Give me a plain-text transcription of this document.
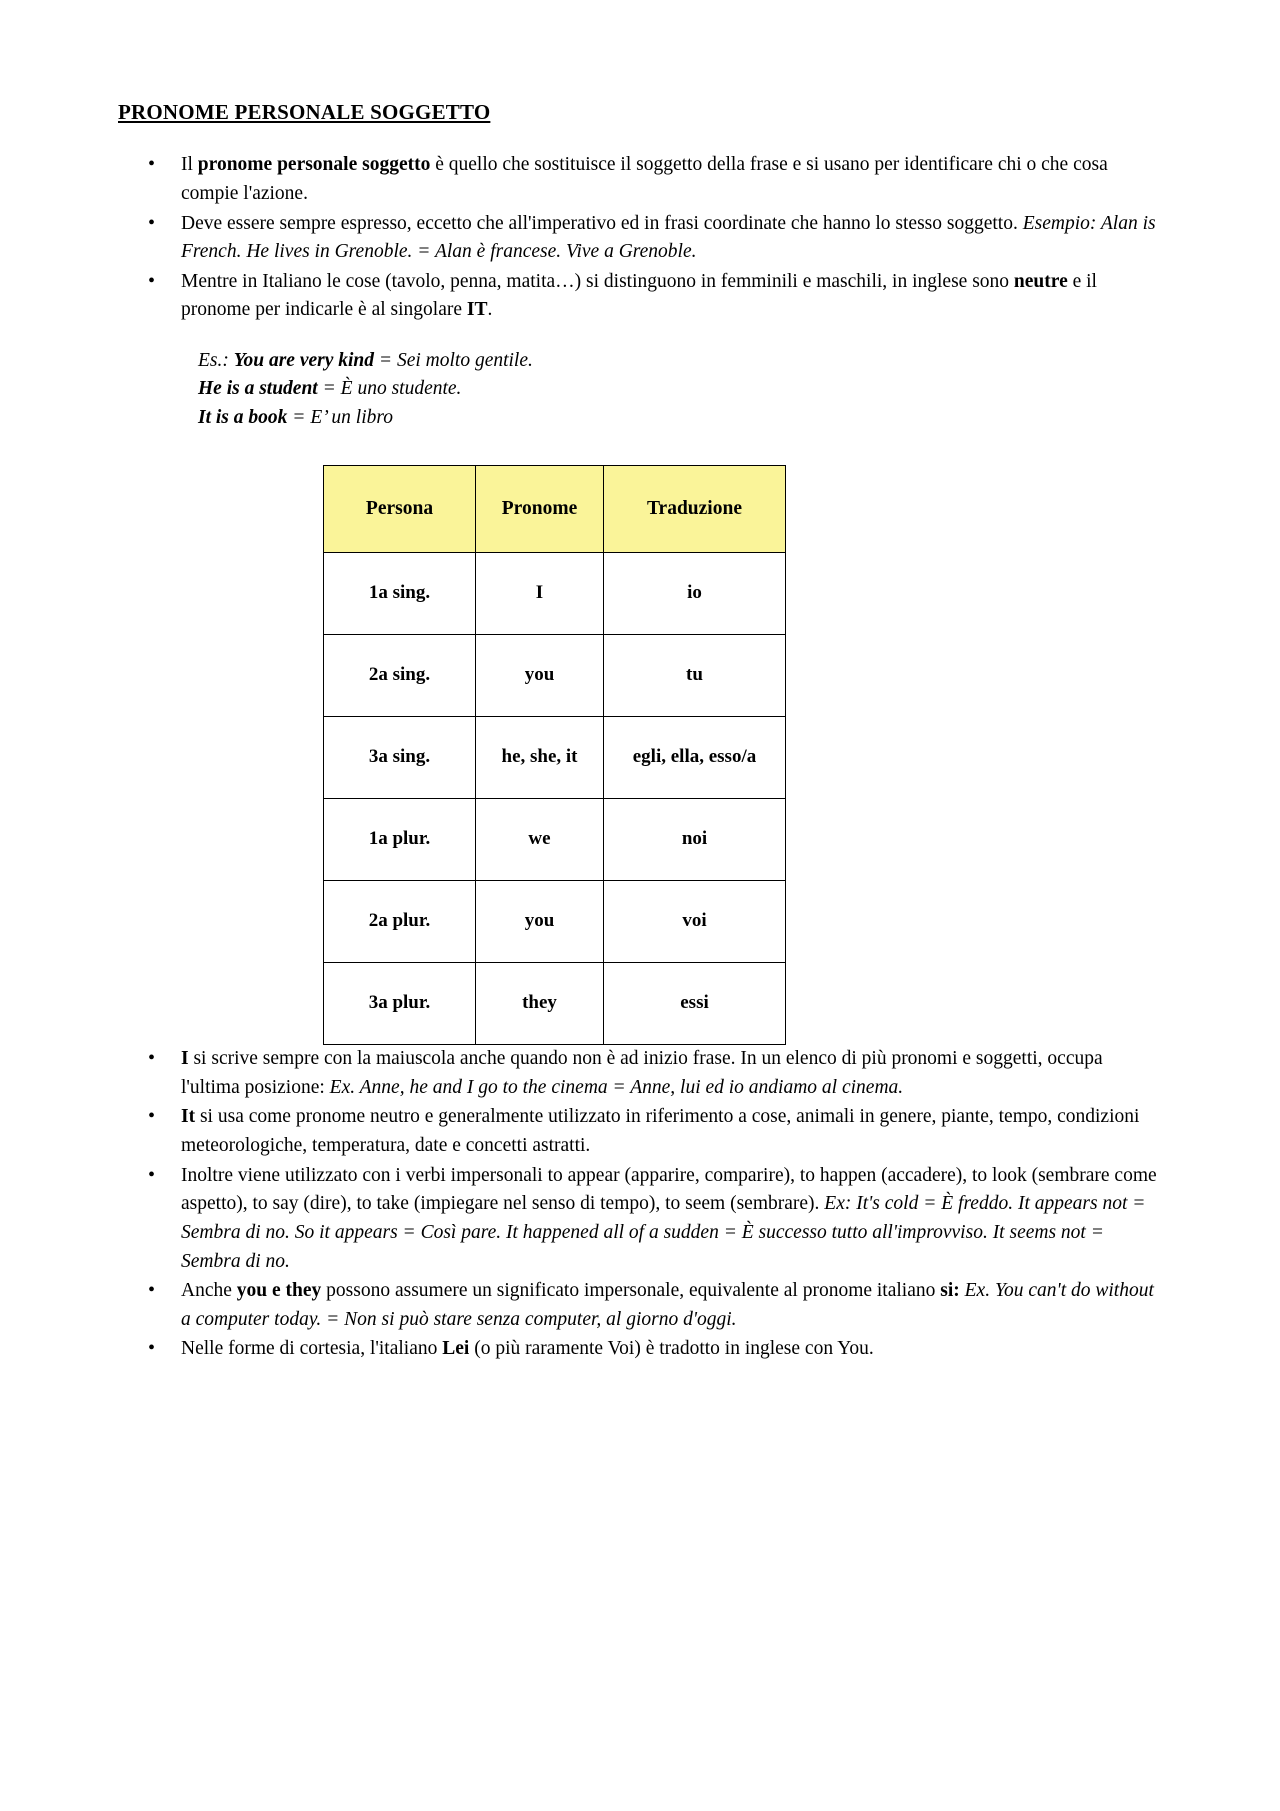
PRONOME PERSONALE SOGGETTO
• Il pronome personale soggetto è quello che sostituisce il soggetto della frase e si usano per identificare chi o che cosa compie l'azione.
• Deve essere sempre espresso, eccetto che all'imperativo ed in frasi coordinate che hanno lo stesso soggetto. Esempio: Alan is French. He lives in Grenoble. = Alan è francese. Vive a Grenoble.
• Mentre in Italiano le cose (tavolo, penna, matita…) si distinguono in femminili e maschili, in inglese sono neutre e il pronome per indicarle è al singolare IT.
Es.: You are very kind = Sei molto gentile.
He is a student = È uno studente.
It is a book = E’ un libro
Persona	Pronome	Traduzione
1a sing.	I	io
2a sing.	you	tu
3a sing.	he, she, it	egli, ella, esso/a
1a plur.	we	noi
2a plur.	you	voi
3a plur.	they	essi
• I si scrive sempre con la maiuscola anche quando non è ad inizio frase. In un elenco di più pronomi e soggetti, occupa l'ultima posizione: Ex. Anne, he and I go to the cinema = Anne, lui ed io andiamo al cinema.
• It si usa come pronome neutro e generalmente utilizzato in riferimento a cose, animali in genere, piante, tempo, condizioni meteorologiche, temperatura, date e concetti astratti.
• Inoltre viene utilizzato con i verbi impersonali to appear (apparire, comparire), to happen (accadere), to look (sembrare come aspetto), to say (dire), to take (impiegare nel senso di tempo), to seem (sembrare). Ex: It's cold = È freddo. It appears not = Sembra di no. So it appears = Così pare. It happened all of a sudden = È successo tutto all'improvviso. It seems not = Sembra di no.
• Anche you e they possono assumere un significato impersonale, equivalente al pronome italiano si: Ex. You can't do without a computer today. = Non si può stare senza computer, al giorno d'oggi.
• Nelle forme di cortesia, l'italiano Lei (o più raramente Voi) è tradotto in inglese con You.
